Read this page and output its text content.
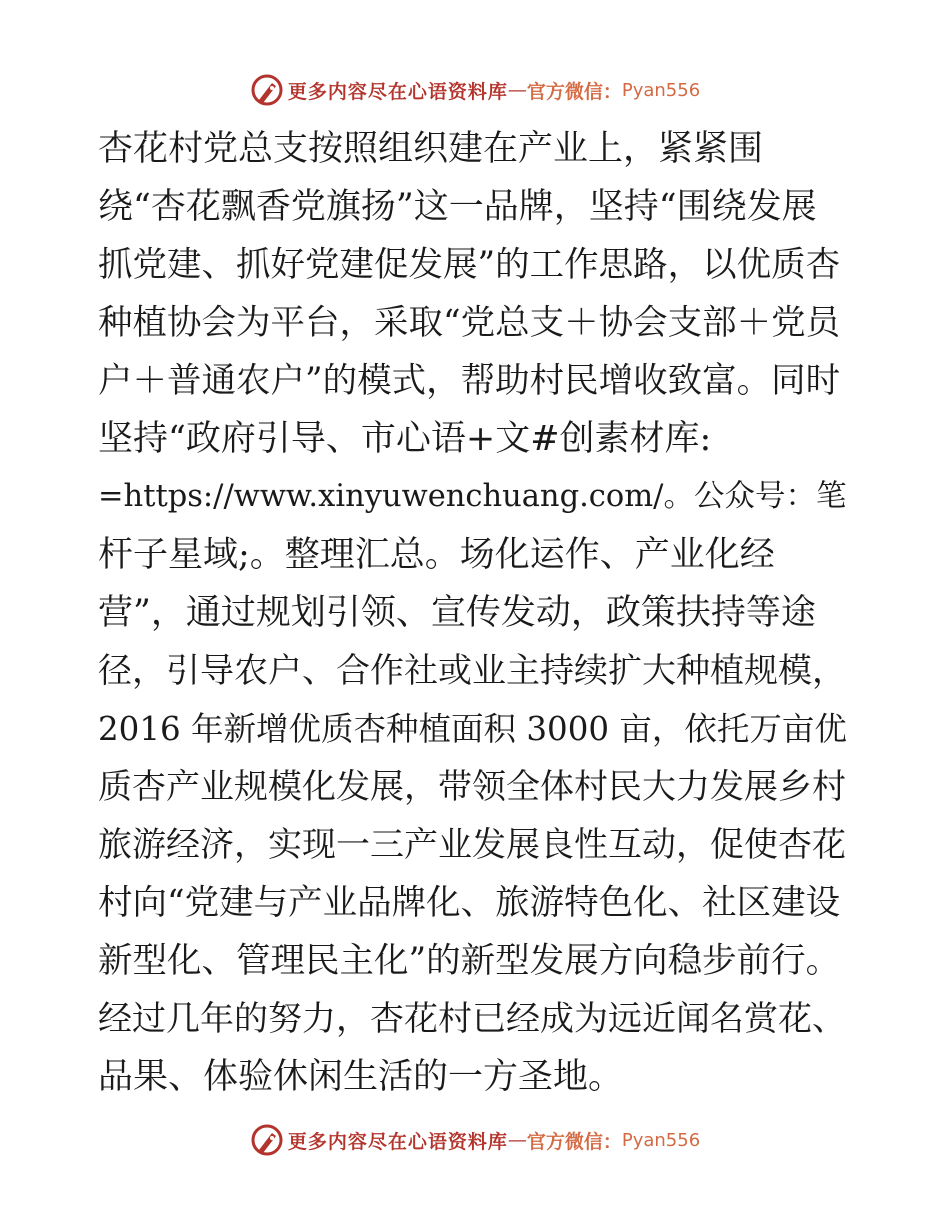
更多内容尽在心语资料库 — 官方微信： Pyan556

杏花村党总支按照组织建在产业上，紧紧围

绕“杏花飘香党旗扬”这一品牌，坚持“围绕发展

抓党建、抓好党建促发展”的工作思路，以优质杏

种植协会为平台，采取“党总支＋协会支部＋党员

户＋普通农户”的模式，帮助村民增收致富。同时

坚持“政府引导、市心语+文#创素材库:

=https://www.xinyuwenchuang.com/。公众号：笔

杆子星域;。整理汇总。场化运作、产业化经

营”，通过规划引领、宣传发动，政策扶持等途

径，引导农户、合作社或业主持续扩大种植规模，

2016 年新增优质杏种植面积 3000 亩，依托万亩优

质杏产业规模化发展，带领全体村民大力发展乡村

旅游经济，实现一三产业发展良性互动，促使杏花

村向“党建与产业品牌化、旅游特色化、社区建设

新型化、管理民主化”的新型发展方向稳步前行。

经过几年的努力，杏花村已经成为远近闻名赏花、

品果、体验休闲生活的一方圣地。

更多内容尽在心语资料库 — 官方微信： Pyan556
